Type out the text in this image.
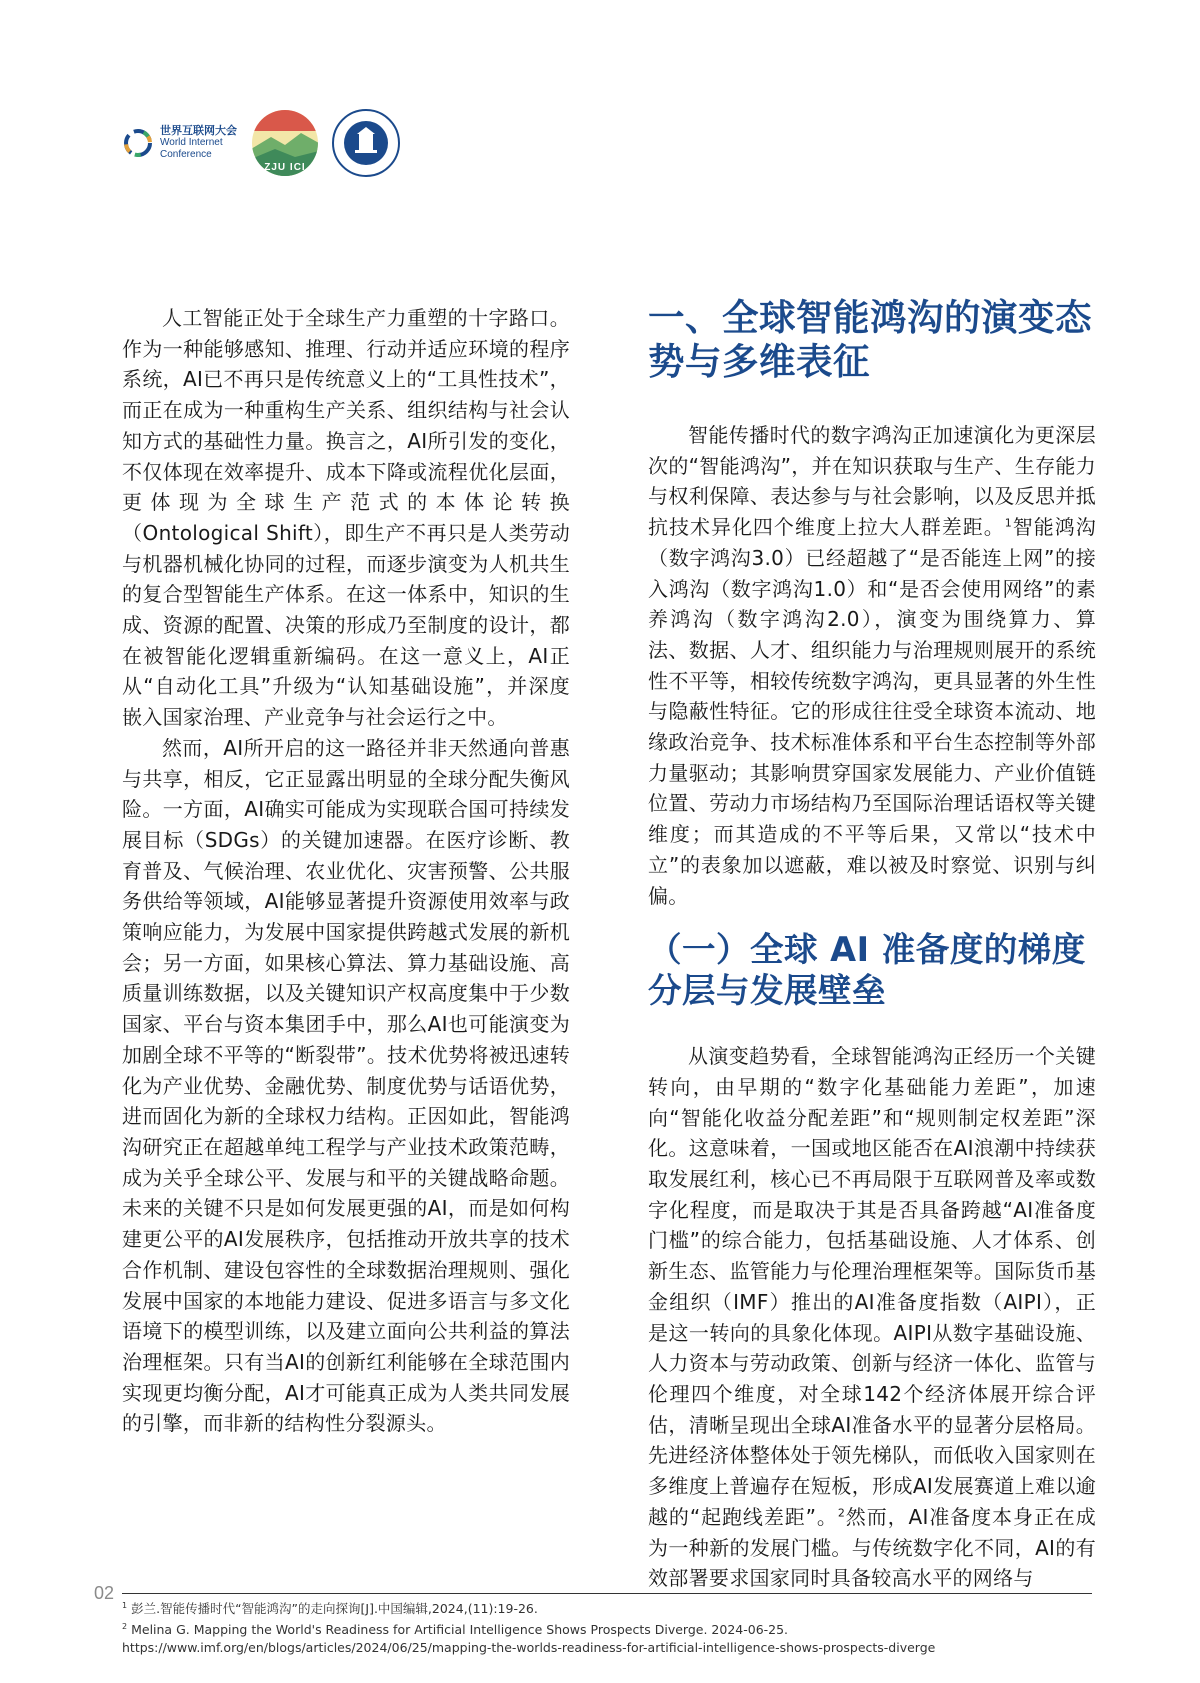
世界互联网大会
World Internet
Conference
ZJU ICI

人工智能正处于全球生产力重塑的十字路口。作为一种能够感知、推理、行动并适应环境的程序系统，AI已不再只是传统意义上的“工具性技术”，而正在成为一种重构生产关系、组织结构与社会认知方式的基础性力量。换言之，AI所引发的变化，不仅体现在效率提升、成本下降或流程优化层面，更体现为全球生产范式的本体论转换（Ontological Shift），即生产不再只是人类劳动与机器机械化协同的过程，而逐步演变为人机共生的复合型智能生产体系。在这一体系中，知识的生成、资源的配置、决策的形成乃至制度的设计，都在被智能化逻辑重新编码。在这一意义上，AI正从“自动化工具”升级为“认知基础设施”，并深度嵌入国家治理、产业竞争与社会运行之中。

然而，AI所开启的这一路径并非天然通向普惠与共享，相反，它正显露出明显的全球分配失衡风险。一方面，AI确实可能成为实现联合国可持续发展目标（SDGs）的关键加速器。在医疗诊断、教育普及、气候治理、农业优化、灾害预警、公共服务供给等领域，AI能够显著提升资源使用效率与政策响应能力，为发展中国家提供跨越式发展的新机会；另一方面，如果核心算法、算力基础设施、高质量训练数据，以及关键知识产权高度集中于少数国家、平台与资本集团手中，那么AI也可能演变为加剧全球不平等的“断裂带”。技术优势将被迅速转化为产业优势、金融优势、制度优势与话语优势，进而固化为新的全球权力结构。正因如此，智能鸿沟研究正在超越单纯工程学与产业技术政策范畴，成为关乎全球公平、发展与和平的关键战略命题。未来的关键不只是如何发展更强的AI，而是如何构建更公平的AI发展秩序，包括推动开放共享的技术合作机制、建设包容性的全球数据治理规则、强化发展中国家的本地能力建设、促进多语言与多文化语境下的模型训练，以及建立面向公共利益的算法治理框架。只有当AI的创新红利能够在全球范围内实现更均衡分配，AI才可能真正成为人类共同发展的引擎，而非新的结构性分裂源头。

一、全球智能鸿沟的演变态势与多维表征

智能传播时代的数字鸿沟正加速演化为更深层次的“智能鸿沟”，并在知识获取与生产、生存能力与权利保障、表达参与与社会影响，以及反思并抵抗技术异化四个维度上拉大人群差距。$^1$智能鸿沟（数字鸿沟3.0）已经超越了“是否能连上网”的接入鸿沟（数字鸿沟1.0）和“是否会使用网络”的素养鸿沟（数字鸿沟2.0），演变为围绕算力、算法、数据、人才、组织能力与治理规则展开的系统性不平等，相较传统数字鸿沟，更具显著的外生性与隐蔽性特征。它的形成往往受全球资本流动、地缘政治竞争、技术标准体系和平台生态控制等外部力量驱动；其影响贯穿国家发展能力、产业价值链位置、劳动力市场结构乃至国际治理话语权等关键维度；而其造成的不平等后果，又常以“技术中立”的表象加以遮蔽，难以被及时察觉、识别与纠偏。

（一）全球 AI 准备度的梯度分层与发展壁垒

从演变趋势看，全球智能鸿沟正经历一个关键转向，由早期的“数字化基础能力差距”，加速向“智能化收益分配差距”和“规则制定权差距”深化。这意味着，一国或地区能否在AI浪潮中持续获取发展红利，核心已不再局限于互联网普及率或数字化程度，而是取决于其是否具备跨越“AI准备度门槛”的综合能力，包括基础设施、人才体系、创新生态、监管能力与伦理治理框架等。国际货币基金组织（IMF）推出的AI准备度指数（AIPI），正是这一转向的具象化体现。AIPI从数字基础设施、人力资本与劳动政策、创新与经济一体化、监管与伦理四个维度，对全球142个经济体展开综合评估，清晰呈现出全球AI准备水平的显著分层格局。先进经济体整体处于领先梯队，而低收入国家则在多维度上普遍存在短板，形成AI发展赛道上难以逾越的“起跑线差距”。$^2$然而，AI准备度本身正在成为一种新的发展门槛。与传统数字化不同，AI的有效部署要求国家同时具备较高水平的网络与

02

$^1$ 彭兰.智能传播时代“智能鸿沟”的走向探询[J].中国编辑,2024,(11):19-26.

$^2$ Melina G. Mapping the World's Readiness for Artificial Intelligence Shows Prospects Diverge. 2024-06-25. https://www.imf.org/en/blogs/articles/2024/06/25/mapping-the-worlds-readiness-for-artificial-intelligence-shows-prospects-diverge
